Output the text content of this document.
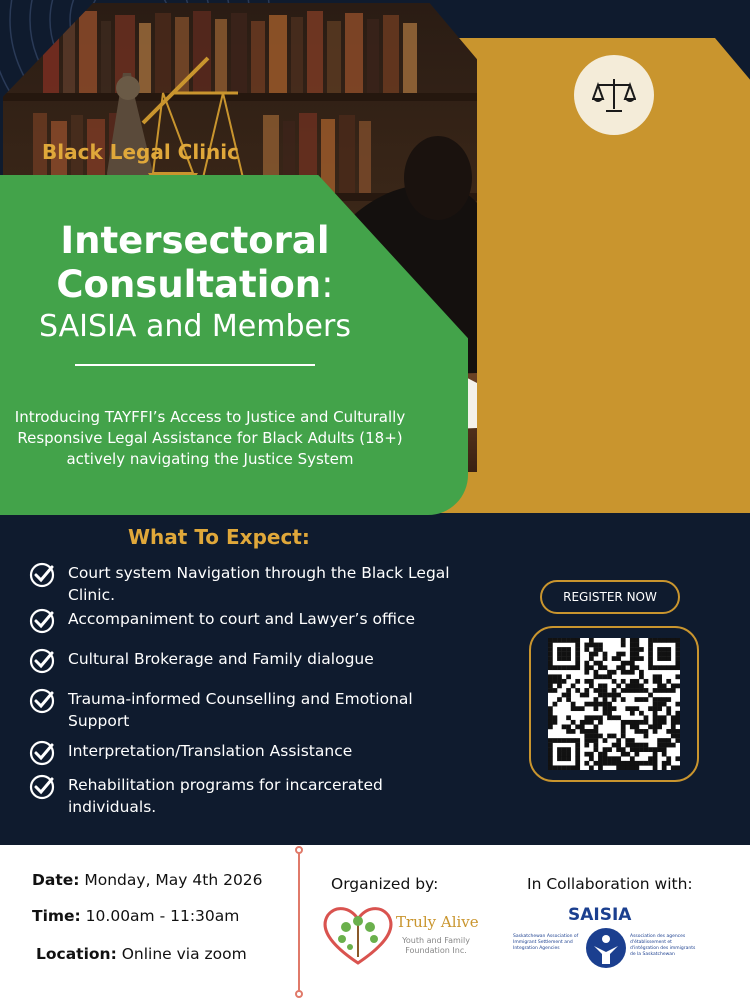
Black Legal Clinic
Intersectoral
Consultation:
SAISIA and Members
Introducing TAYFFI’s Access to Justice and Culturally Responsive Legal Assistance for Black Adults (18+) actively navigating the Justice System
What To Expect:
Court system Navigation through the Black Legal Clinic.
Accompaniment to court and Lawyer’s office
Cultural Brokerage and Family dialogue
Trauma-informed Counselling and Emotional Support
Interpretation/Translation Assistance
Rehabilitation programs for incarcerated individuals.
REGISTER NOW
Date: Monday, May 4th 2026
Time: 10.00am - 11:30am
Location: Online via zoom
Organized by:
Truly Alive
Youth and Family Foundation Inc.
In Collaboration with:
SAISIA
Saskatchewan Association of Immigrant Settlement and Integration Agencies
Association des agences d'établissement et d'intégration des immigrants de la Saskatchewan
